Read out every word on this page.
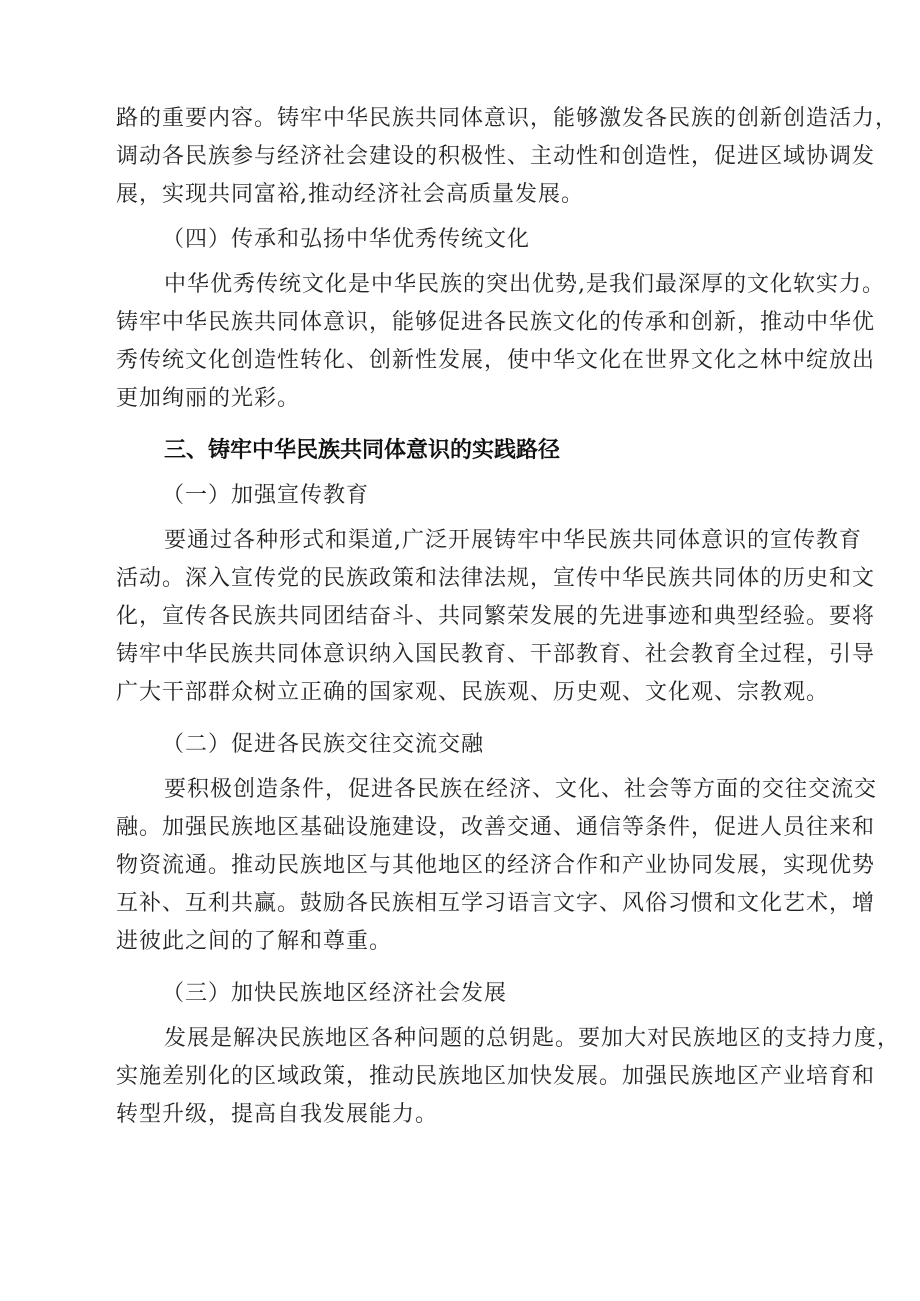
路的重要内容。铸牢中华民族共同体意识，能够激发各民族的创新创造活力，
调动各民族参与经济社会建设的积极性、主动性和创造性，促进区域协调发
展，实现共同富裕,推动经济社会高质量发展。
（四）传承和弘扬中华优秀传统文化
中华优秀传统文化是中华民族的突出优势,是我们最深厚的文化软实力。
铸牢中华民族共同体意识，能够促进各民族文化的传承和创新，推动中华优
秀传统文化创造性转化、创新性发展，使中华文化在世界文化之林中绽放出
更加绚丽的光彩。
三、铸牢中华民族共同体意识的实践路径
（一）加强宣传教育
要通过各种形式和渠道,广泛开展铸牢中华民族共同体意识的宣传教育
活动。深入宣传党的民族政策和法律法规，宣传中华民族共同体的历史和文
化，宣传各民族共同团结奋斗、共同繁荣发展的先进事迹和典型经验。要将
铸牢中华民族共同体意识纳入国民教育、干部教育、社会教育全过程，引导
广大干部群众树立正确的国家观、民族观、历史观、文化观、宗教观。
（二）促进各民族交往交流交融
要积极创造条件，促进各民族在经济、文化、社会等方面的交往交流交
融。加强民族地区基础设施建设，改善交通、通信等条件，促进人员往来和
物资流通。推动民族地区与其他地区的经济合作和产业协同发展，实现优势
互补、互利共赢。鼓励各民族相互学习语言文字、风俗习惯和文化艺术，增
进彼此之间的了解和尊重。
（三）加快民族地区经济社会发展
发展是解决民族地区各种问题的总钥匙。要加大对民族地区的支持力度，
实施差别化的区域政策，推动民族地区加快发展。加强民族地区产业培育和
转型升级，提高自我发展能力。
